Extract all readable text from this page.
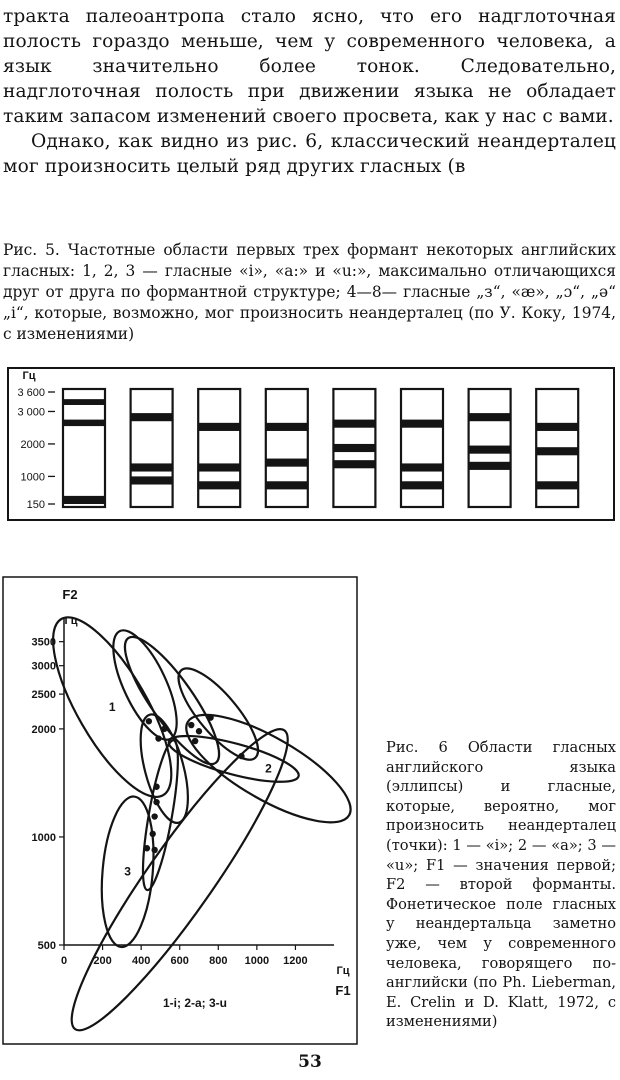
тракта палеоантропа стало ясно, что его надглоточная полость гораздо меньше, чем у современного человека, а язык значительно более тонок. Следовательно, надглоточная полость при движении языка не обладает таким запасом изменений своего просвета, как у нас с вами.
Однако, как видно из рис. 6, классический неандерталец мог произносить целый ряд других гласных (в
Рис. 5. Частотные области первых трех формант некоторых английских гласных: 1, 2, 3 — гласные «i», «a:» и «u:», максимально отличающихся друг от друга по формантной структуре; 4—8— гласные „з“, «æ», „ɔ“, „ə“ „i“, которые, возможно, мог произносить неандерталец (по У. Коку, 1974, с изменениями)
Гц
3 600
3 000
2000
1000
150
F2
Гц
Гц
F1
500
1000
2000
2500
3000
3500
0 200 400 600 800 1000 1200
1
2
3
1-i; 2-a; 3-u
Рис. 6 Области гласных английского языка (эллипсы) и гласные, которые, вероятно, мог произносить неандерталец (точки): 1 — «i»; 2 — «a»; 3 — «u»; F1 — значения первой; F2 — второй форманты. Фонетическое поле гласных у неандертальца заметно уже, чем у современного человека, говорящего по-английски (по Ph. Lieberman, E. Crelin и D. Klatt, 1972, с изменениями)
53
